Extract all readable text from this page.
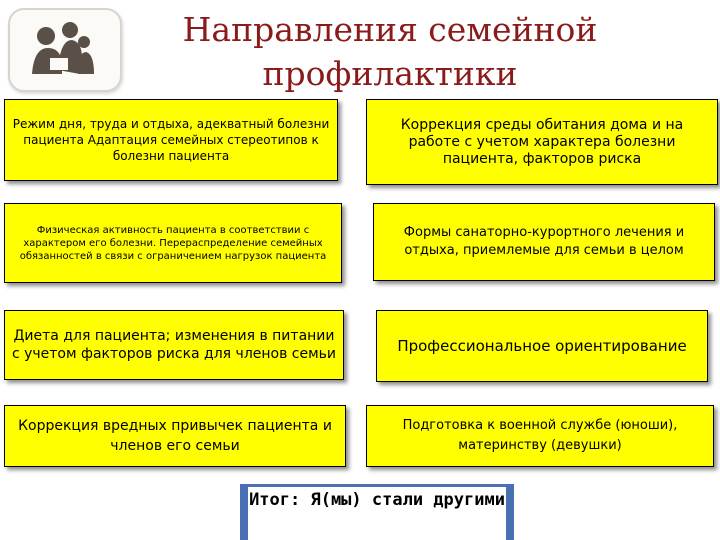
Направления семейной профилактики
Режим дня, труда и отдыха, адекватный болезни пациента Адаптация семейных стереотипов к болезни пациента
Физическая активность пациента в соответствии с характером его болезни. Перераспределение семейных обязанностей в связи с ограничением нагрузок пациента
Диета для пациента; изменения в питании с учетом факторов риска для членов семьи
Коррекция вредных привычек пациента и членов его семьи
Коррекция среды обитания дома и на работе с учетом характера болезни пациента, факторов риска
Формы санаторно-курортного лечения и отдыха, приемлемые для семьи в целом
Профессиональное ориентирование
Подготовка к военной службе (юноши), материнству (девушки)
Итог: Я(мы) стали другими
